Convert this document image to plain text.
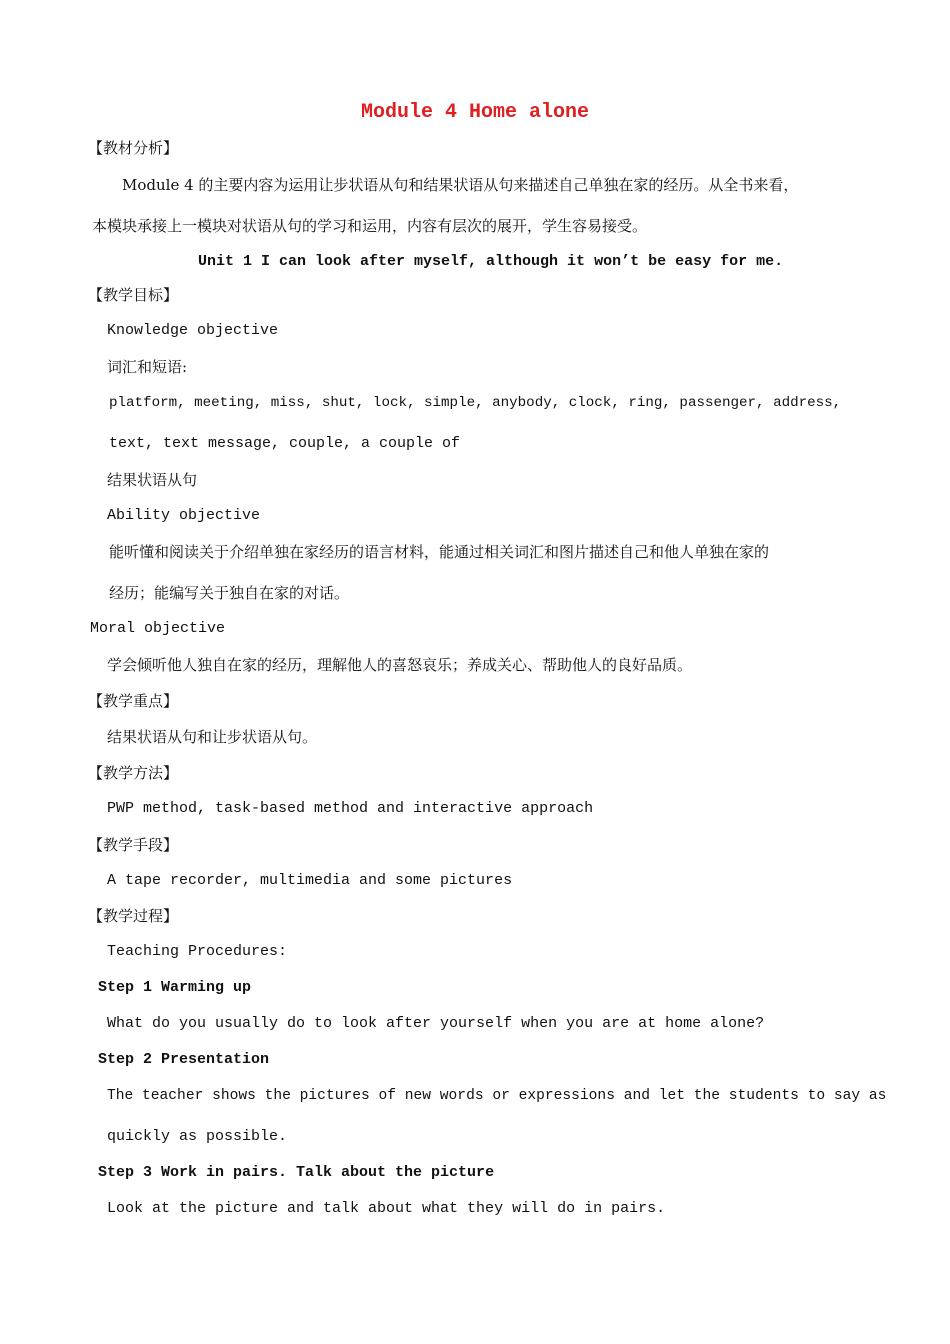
Module 4 Home alone
【教材分析】
Module 4 的主要内容为运用让步状语从句和结果状语从句来描述自己单独在家的经历。从全书来看，
本模块承接上一模块对状语从句的学习和运用，内容有层次的展开，学生容易接受。
Unit 1 I can look after myself, although it won’t be easy for me.
【教学目标】
Knowledge objective
词汇和短语:
platform, meeting, miss, shut, lock, simple, anybody, clock, ring, passenger, address,
text, text message, couple, a couple of
结果状语从句
Ability objective
能听懂和阅读关于介绍单独在家经历的语言材料，能通过相关词汇和图片描述自己和他人单独在家的
经历；能编写关于独自在家的对话。
Moral objective
学会倾听他人独自在家的经历，理解他人的喜怒哀乐；养成关心、帮助他人的良好品质。
【教学重点】
结果状语从句和让步状语从句。
【教学方法】
PWP method, task-based method and interactive approach
【教学手段】
A tape recorder, multimedia and some pictures
【教学过程】
Teaching Procedures:
Step 1 Warming up
What do you usually do to look after yourself when you are at home alone?
Step 2 Presentation
The teacher shows the pictures of new words or expressions and let the students to say as
quickly as possible.
Step 3 Work in pairs. Talk about the picture
Look at the picture and talk about what they will do in pairs.
